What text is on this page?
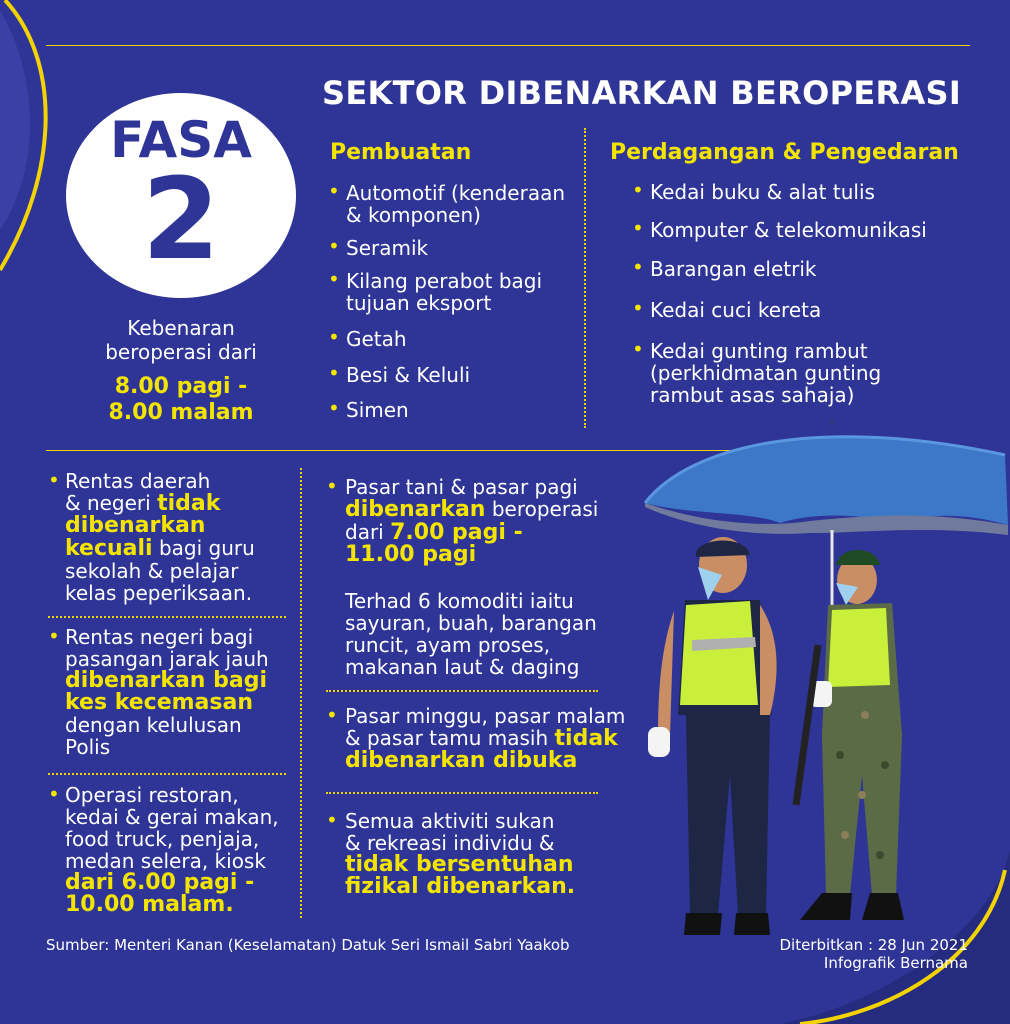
SEKTOR DIBENARKAN BEROPERASI
FASA
2
Kebenaran
beroperasi dari
8.00 pagi -
8.00 malam
Pembuatan
• Automotif (kenderaan
& komponen)
• Seramik
• Kilang perabot bagi
tujuan eksport
• Getah
• Besi & Keluli
• Simen
Perdagangan & Pengedaran
• Kedai buku & alat tulis
• Komputer & telekomunikasi
• Barangan eletrik
• Kedai cuci kereta
• Kedai gunting rambut
(perkhidmatan gunting
rambut asas sahaja)
• Rentas daerah
& negeri tidak
dibenarkan
kecuali bagi guru
sekolah & pelajar
kelas peperiksaan.
• Rentas negeri bagi
pasangan jarak jauh
dibenarkan bagi
kes kecemasan
dengan kelulusan
Polis
• Operasi restoran,
kedai & gerai makan,
food truck, penjaja,
medan selera, kiosk
dari 6.00 pagi -
10.00 malam.
• Pasar tani & pasar pagi
dibenarkan beroperasi
dari 7.00 pagi -
11.00 pagi
Terhad 6 komoditi iaitu
sayuran, buah, barangan
runcit, ayam proses,
makanan laut & daging
• Pasar minggu, pasar malam
& pasar tamu masih tidak
dibenarkan dibuka
• Semua aktiviti sukan
& rekreasi individu &
tidak bersentuhan
fizikal dibenarkan.
Sumber: Menteri Kanan (Keselamatan) Datuk Seri Ismail Sabri Yaakob	Diterbitkan : 28 Jun 2021
Infografik Bernama
